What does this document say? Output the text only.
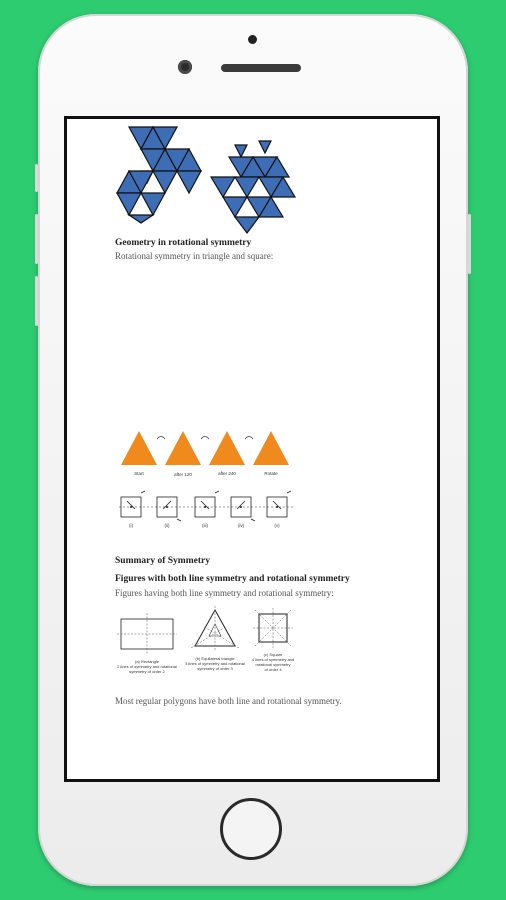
Geometry in rotational symmetry
Rotational symmetry in triangle and square:
Start	after 120	after 240	Rotate
(i)	(ii)	(iii)	(iv)	(v)
Summary of Symmetry
Figures with both line symmetry and rotational symmetry
Figures having both line symmetry and rotational symmetry:
(a) Rectangle
2 lines of symmetry and rotational
symmetry of order 2
(b) Equilateral triangle
3 lines of symmetry and rotational
symmetry of order 3
(c) Square
4 lines of symmetry and
rotational symmetry
of order 4
Most regular polygons have both line and rotational symmetry.
